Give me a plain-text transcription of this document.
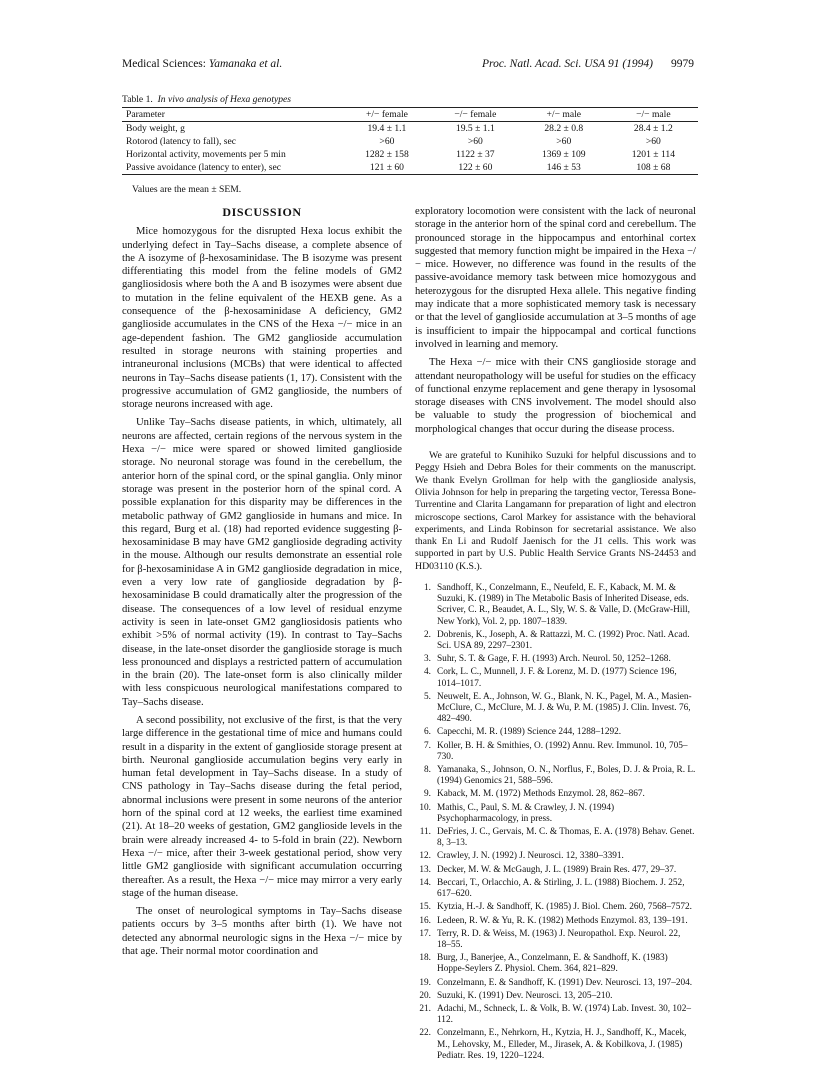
Medical Sciences: Yamanaka et al.	Proc. Natl. Acad. Sci. USA 91 (1994) 9979
Table 1. In vivo analysis of Hexa genotypes
Parameter	+/− female	−/− female	+/− male	−/− male
Body weight, g	19.4 ± 1.1	19.5 ± 1.1	28.2 ± 0.8	28.4 ± 1.2
Rotorod (latency to fall), sec	>60	>60	>60	>60
Horizontal activity, movements per 5 min	1282 ± 158	1122 ± 37	1369 ± 109	1201 ± 114
Passive avoidance (latency to enter), sec	121 ± 60	122 ± 60	146 ± 53	108 ± 68
Values are the mean ± SEM.
DISCUSSION

Mice homozygous for the disrupted Hexa locus exhibit the underlying defect in Tay–Sachs disease, a complete absence of the A isozyme of β-hexosaminidase. The B isozyme was present differentiating this model from the feline models of GM2 gangliosidosis where both the A and B isozymes were absent due to mutation in the feline equivalent of the HEXB gene. As a consequence of the β-hexosaminidase A deficiency, GM2 ganglioside accumulates in the CNS of the Hexa −/− mice in an age-dependent fashion. The GM2 ganglioside accumulation resulted in storage neurons with staining properties and intraneuronal inclusions (MCBs) that were identical to affected neurons in Tay–Sachs disease patients (1, 17). Consistent with the progressive accumulation of GM2 ganglioside, the numbers of storage neurons increased with age.

Unlike Tay–Sachs disease patients, in which, ultimately, all neurons are affected, certain regions of the nervous system in the Hexa −/− mice were spared or showed limited ganglioside storage. No neuronal storage was found in the cerebellum, the anterior horn of the spinal cord, or the spinal ganglia. Only minor storage was present in the posterior horn of the spinal cord. A possible explanation for this disparity may be differences in the metabolic pathway of GM2 ganglioside in humans and mice. In this regard, Burg et al. (18) had reported evidence suggesting β-hexosaminidase B may have GM2 ganglioside degrading activity in the mouse. Although our results demonstrate an essential role for β-hexosaminidase A in GM2 ganglioside degradation in mice, even a very low rate of ganglioside degradation by β-hexosaminidase B could dramatically alter the progression of the disease. The consequences of a low level of residual enzyme activity is seen in late-onset GM2 gangliosidosis patients who exhibit >5% of normal activity (19). In contrast to Tay–Sachs disease, in the late-onset disorder the ganglioside storage is much less pronounced and displays a restricted pattern of accumulation in the brain (20). The late-onset form is also clinically milder with less conspicuous neurological manifestations compared to Tay–Sachs disease.

A second possibility, not exclusive of the first, is that the very large difference in the gestational time of mice and humans could result in a disparity in the extent of ganglioside storage present at birth. Neuronal ganglioside accumulation begins very early in human fetal development in Tay–Sachs disease. In a study of CNS pathology in Tay–Sachs disease during the fetal period, abnormal inclusions were present in some neurons of the anterior horn of the spinal cord at 12 weeks, the earliest time examined (21). At 18–20 weeks of gestation, GM2 ganglioside levels in the brain were already increased 4- to 5-fold in brain (22). Newborn Hexa −/− mice, after their 3-week gestational period, show very little GM2 ganglioside with significant accumulation occurring thereafter. As a result, the Hexa −/− mice may mirror a very early stage of the human disease.

The onset of neurological symptoms in Tay–Sachs disease patients occurs by 3–5 months after birth (1). We have not detected any abnormal neurologic signs in the Hexa −/− mice by that age. Their normal motor coordination and

exploratory locomotion were consistent with the lack of neuronal storage in the anterior horn of the spinal cord and cerebellum. The pronounced storage in the hippocampus and entorhinal cortex suggested that memory function might be impaired in the Hexa −/− mice. However, no difference was found in the results of the passive-avoidance memory task between mice homozygous and heterozygous for the disrupted Hexa allele. This negative finding may indicate that a more sophisticated memory task is necessary or that the level of ganglioside accumulation at 3–5 months of age is insufficient to impair the hippocampal and cortical functions involved in learning and memory.

The Hexa −/− mice with their CNS ganglioside storage and attendant neuropathology will be useful for studies on the efficacy of functional enzyme replacement and gene therapy in lysosomal storage diseases with CNS involvement. The model should also be valuable to study the progression of biochemical and morphological changes that occur during the disease process.

We are grateful to Kunihiko Suzuki for helpful discussions and to Peggy Hsieh and Debra Boles for their comments on the manuscript. We thank Evelyn Grollman for help with the ganglioside analysis, Olivia Johnson for help in preparing the targeting vector, Teressa Bone-Turrentine and Clarita Langamann for preparation of light and electron microscope sections, Carol Markey for assistance with the behavioral experiments, and Linda Robinson for secretarial assistance. We also thank En Li and Rudolf Jaenisch for the J1 cells. This work was supported in part by U.S. Public Health Service Grants NS-24453 and HD03110 (K.S.).

1. Sandhoff, K., Conzelmann, E., Neufeld, E. F., Kaback, M. M. & Suzuki, K. (1989) in The Metabolic Basis of Inherited Disease, eds. Scriver, C. R., Beaudet, A. L., Sly, W. S. & Valle, D. (McGraw-Hill, New York), Vol. 2, pp. 1807–1839.
2. Dobrenis, K., Joseph, A. & Rattazzi, M. C. (1992) Proc. Natl. Acad. Sci. USA 89, 2297–2301.
3. Suhr, S. T. & Gage, F. H. (1993) Arch. Neurol. 50, 1252–1268.
4. Cork, L. C., Munnell, J. F. & Lorenz, M. D. (1977) Science 196, 1014–1017.
5. Neuwelt, E. A., Johnson, W. G., Blank, N. K., Pagel, M. A., Masien-McClure, C., McClure, M. J. & Wu, P. M. (1985) J. Clin. Invest. 76, 482–490.
6. Capecchi, M. R. (1989) Science 244, 1288–1292.
7. Koller, B. H. & Smithies, O. (1992) Annu. Rev. Immunol. 10, 705–730.
8. Yamanaka, S., Johnson, O. N., Norflus, F., Boles, D. J. & Proia, R. L. (1994) Genomics 21, 588–596.
9. Kaback, M. M. (1972) Methods Enzymol. 28, 862–867.
10. Mathis, C., Paul, S. M. & Crawley, J. N. (1994) Psychopharmacology, in press.
11. DeFries, J. C., Gervais, M. C. & Thomas, E. A. (1978) Behav. Genet. 8, 3–13.
12. Crawley, J. N. (1992) J. Neurosci. 12, 3380–3391.
13. Decker, M. W. & McGaugh, J. L. (1989) Brain Res. 477, 29–37.
14. Beccari, T., Orlacchio, A. & Stirling, J. L. (1988) Biochem. J. 252, 617–620.
15. Kytzia, H.-J. & Sandhoff, K. (1985) J. Biol. Chem. 260, 7568–7572.
16. Ledeen, R. W. & Yu, R. K. (1982) Methods Enzymol. 83, 139–191.
17. Terry, R. D. & Weiss, M. (1963) J. Neuropathol. Exp. Neurol. 22, 18–55.
18. Burg, J., Banerjee, A., Conzelmann, E. & Sandhoff, K. (1983) Hoppe-Seylers Z. Physiol. Chem. 364, 821–829.
19. Conzelmann, E. & Sandhoff, K. (1991) Dev. Neurosci. 13, 197–204.
20. Suzuki, K. (1991) Dev. Neurosci. 13, 205–210.
21. Adachi, M., Schneck, L. & Volk, B. W. (1974) Lab. Invest. 30, 102–112.
22. Conzelmann, E., Nehrkorn, H., Kytzia, H. J., Sandhoff, K., Macek, M., Lehovsky, M., Elleder, M., Jirasek, A. & Kobilkova, J. (1985) Pediatr. Res. 19, 1220–1224.
